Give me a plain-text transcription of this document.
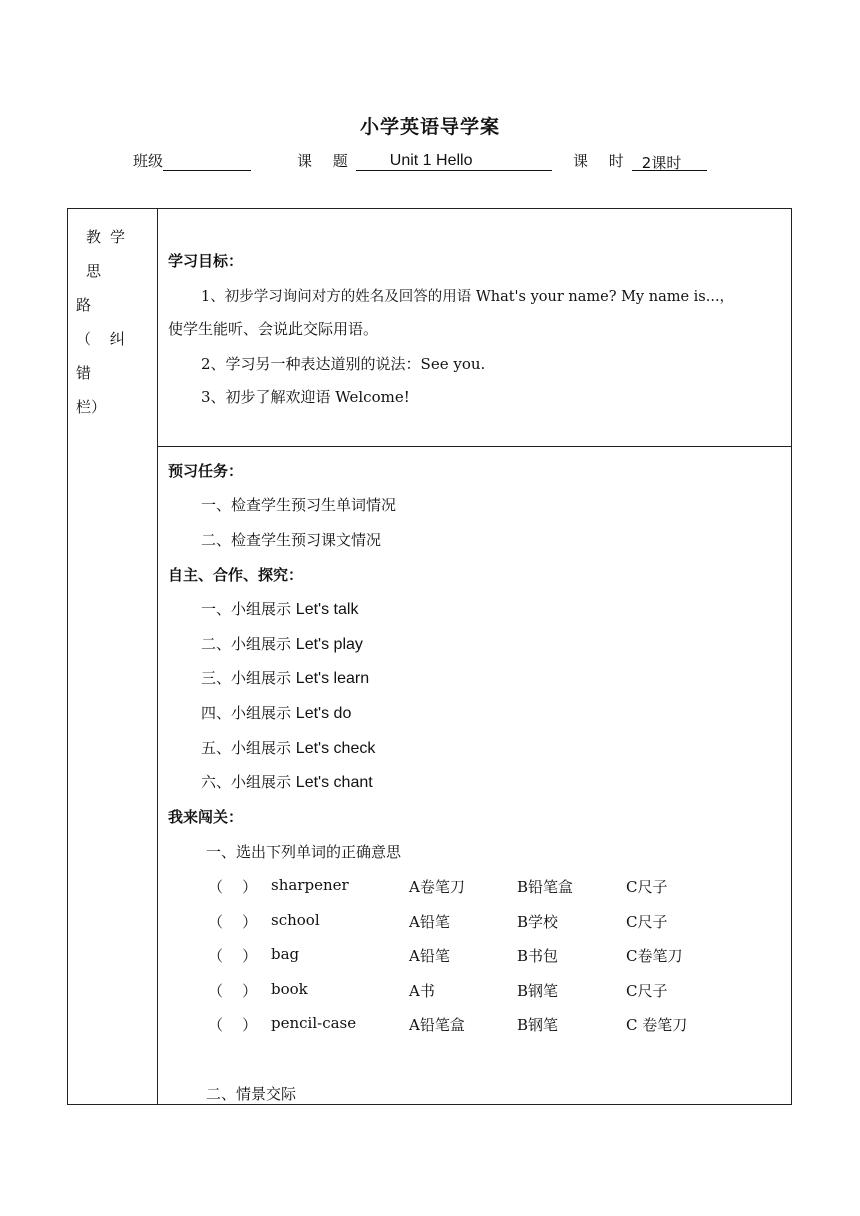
小学英语导学案
班级	课 题 Unit 1 Hello	课 时 2课时
教学思
路
（ 纠 错
栏）
学习目标：
1、初步学习询问对方的姓名及回答的用语 What's your name? My name is...，
使学生能听、会说此交际用语。
2、学习另一种表达道别的说法：See you.
3、初步了解欢迎语 Welcome!
预习任务：
一、检查学生预习生单词情况
二、检查学生预习课文情况
自主、合作、探究：
一、小组展示 Let's talk
二、小组展示 Let's play
三、小组展示 Let's learn
四、小组展示 Let's do
五、小组展示 Let's check
六、小组展示 Let's chant
我来闯关：
一、选出下列单词的正确意思
（    ） sharpener	A卷笔刀	B铅笔盒	C尺子
（    ） school	A铅笔	B学校	C尺子
（    ） bag	A铅笔	B书包	C卷笔刀
（    ） book	A书	B钢笔	C尺子
（    ） pencil-case	A铅笔盒	B钢笔	C 卷笔刀
二、情景交际
